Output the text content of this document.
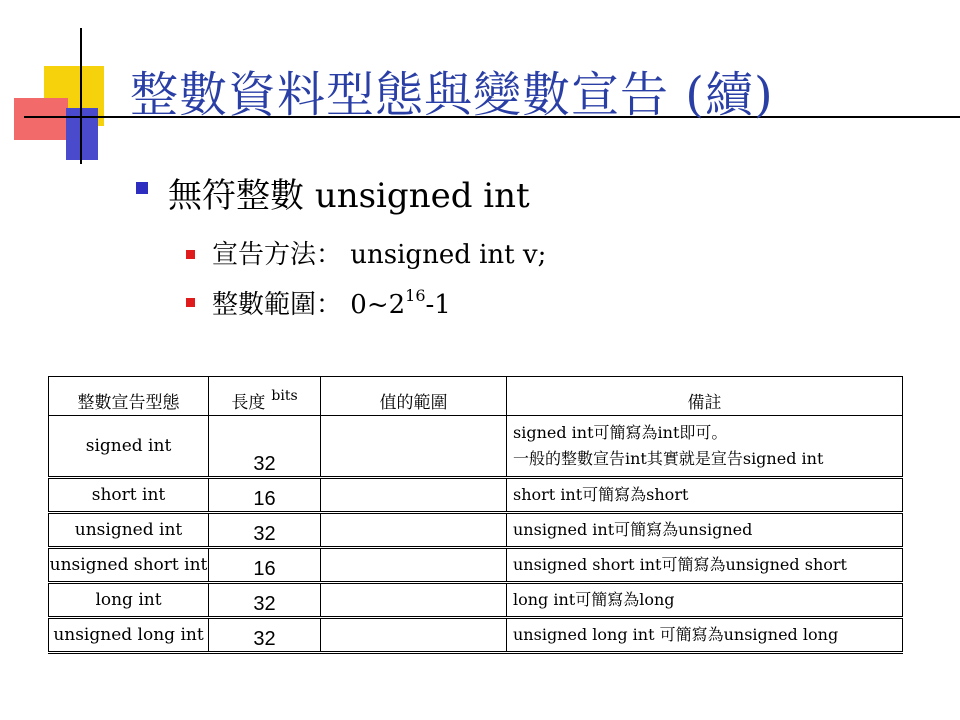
整數資料型態與變數宣告 (續)
無符整數 unsigned int
宣告方法： unsigned int v;
整數範圍： $0\sim 2^{16}-1$
整數宣告型態	長度 $^{bits}$	值的範圍	備註
signed int	32		signed int可簡寫為int即可。
一般的整數宣告int其實就是宣告signed int

short int	16		short int可簡寫為short

unsigned int	32		unsigned int可簡寫為unsigned

unsigned short int	16		unsigned short int可簡寫為unsigned short

long int	32		long int可簡寫為long

unsigned long int	32		unsigned long int 可簡寫為unsigned long
